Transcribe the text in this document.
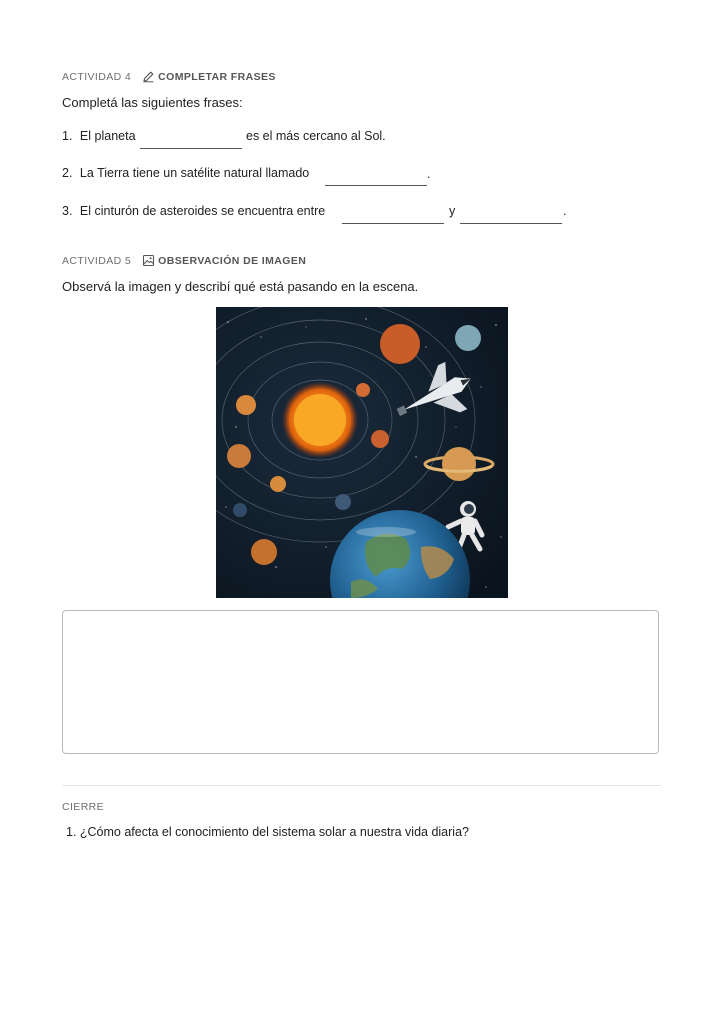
ACTIVIDAD 4	COMPLETAR FRASES
Completá las siguientes frases:
1. El planeta	es el más cercano al Sol.
2. La Tierra tiene un satélite natural llamado	.
3. El cinturón de asteroides se encuentra entre	y	.
ACTIVIDAD 5	OBSERVACIÓN DE IMAGEN
Observá la imagen y describí qué está pasando en la escena.
CIERRE
1. ¿Cómo afecta el conocimiento del sistema solar a nuestra vida diaria?
